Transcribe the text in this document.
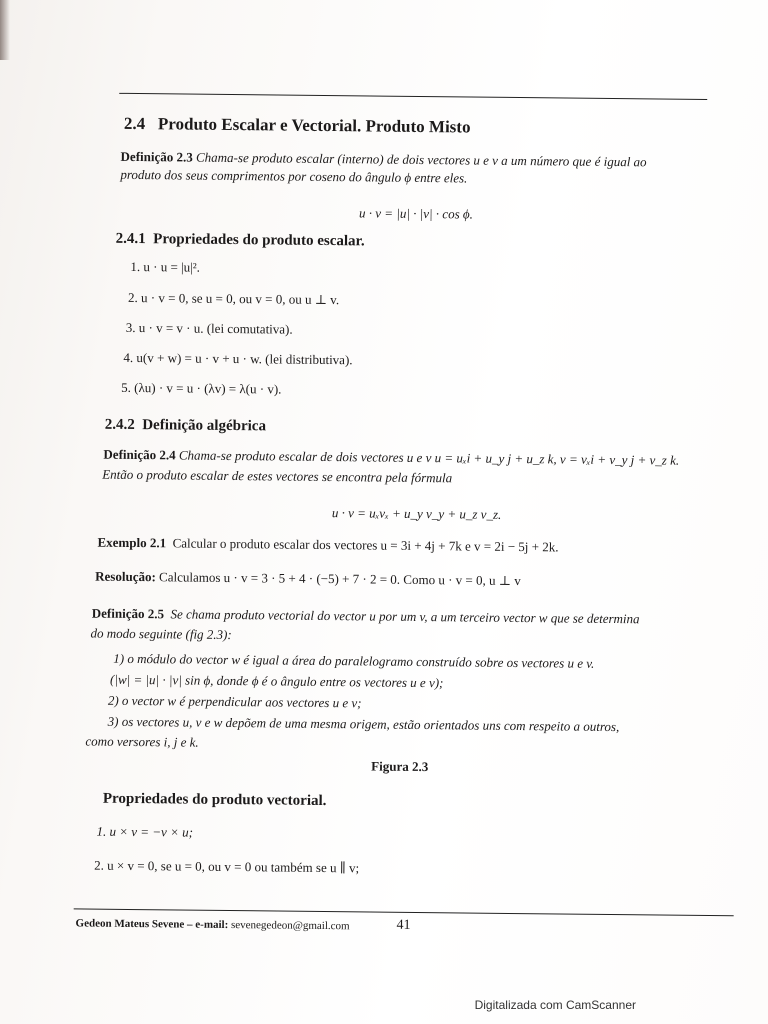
2.4 Produto Escalar e Vectorial. Produto Misto
Definição 2.3 Chama-se produto escalar (interno) de dois vectores u e v a um número que é igual ao
produto dos seus comprimentos por coseno do ângulo ϕ entre eles.
u · v = |u| · |v| · cos ϕ.
2.4.1 Propriedades do produto escalar.
1. u · u = |u|².
2. u · v = 0, se u = 0, ou v = 0, ou u ⊥ v.
3. u · v = v · u. (lei comutativa).
4. u(v + w) = u · v + u · w. (lei distributiva).
5. (λu) · v = u · (λv) = λ(u · v).
2.4.2 Definição algébrica
Definição 2.4 Chama-se produto escalar de dois vectores u e v u = uₓi + u_y j + u_z k, v = vₓi + v_y j + v_z k.
Então o produto escalar de estes vectores se encontra pela fórmula
u · v = uₓvₓ + u_y v_y + u_z v_z.
Exemplo 2.1 Calcular o produto escalar dos vectores u = 3i + 4j + 7k e v = 2i − 5j + 2k.
Resolução: Calculamos u · v = 3 · 5 + 4 · (−5) + 7 · 2 = 0. Como u · v = 0, u ⊥ v
Definição 2.5 Se chama produto vectorial do vector u por um v, a um terceiro vector w que se determina
do modo seguinte (fig 2.3):
1) o módulo do vector w é igual a área do paralelogramo construído sobre os vectores u e v.
(|w| = |u| · |v| sin ϕ, donde ϕ é o ângulo entre os vectores u e v);
2) o vector w é perpendicular aos vectores u e v;
3) os vectores u, v e w depõem de uma mesma origem, estão orientados uns com respeito a outros,
como versores i, j e k.
Figura 2.3
Propriedades do produto vectorial.
1. u × v = −v × u;
2. u × v = 0, se u = 0, ou v = 0 ou também se u ∥ v;
Gedeon Mateus Sevene – e-mail: sevenegedeon@gmail.com	41
Digitalizada com CamScanner
